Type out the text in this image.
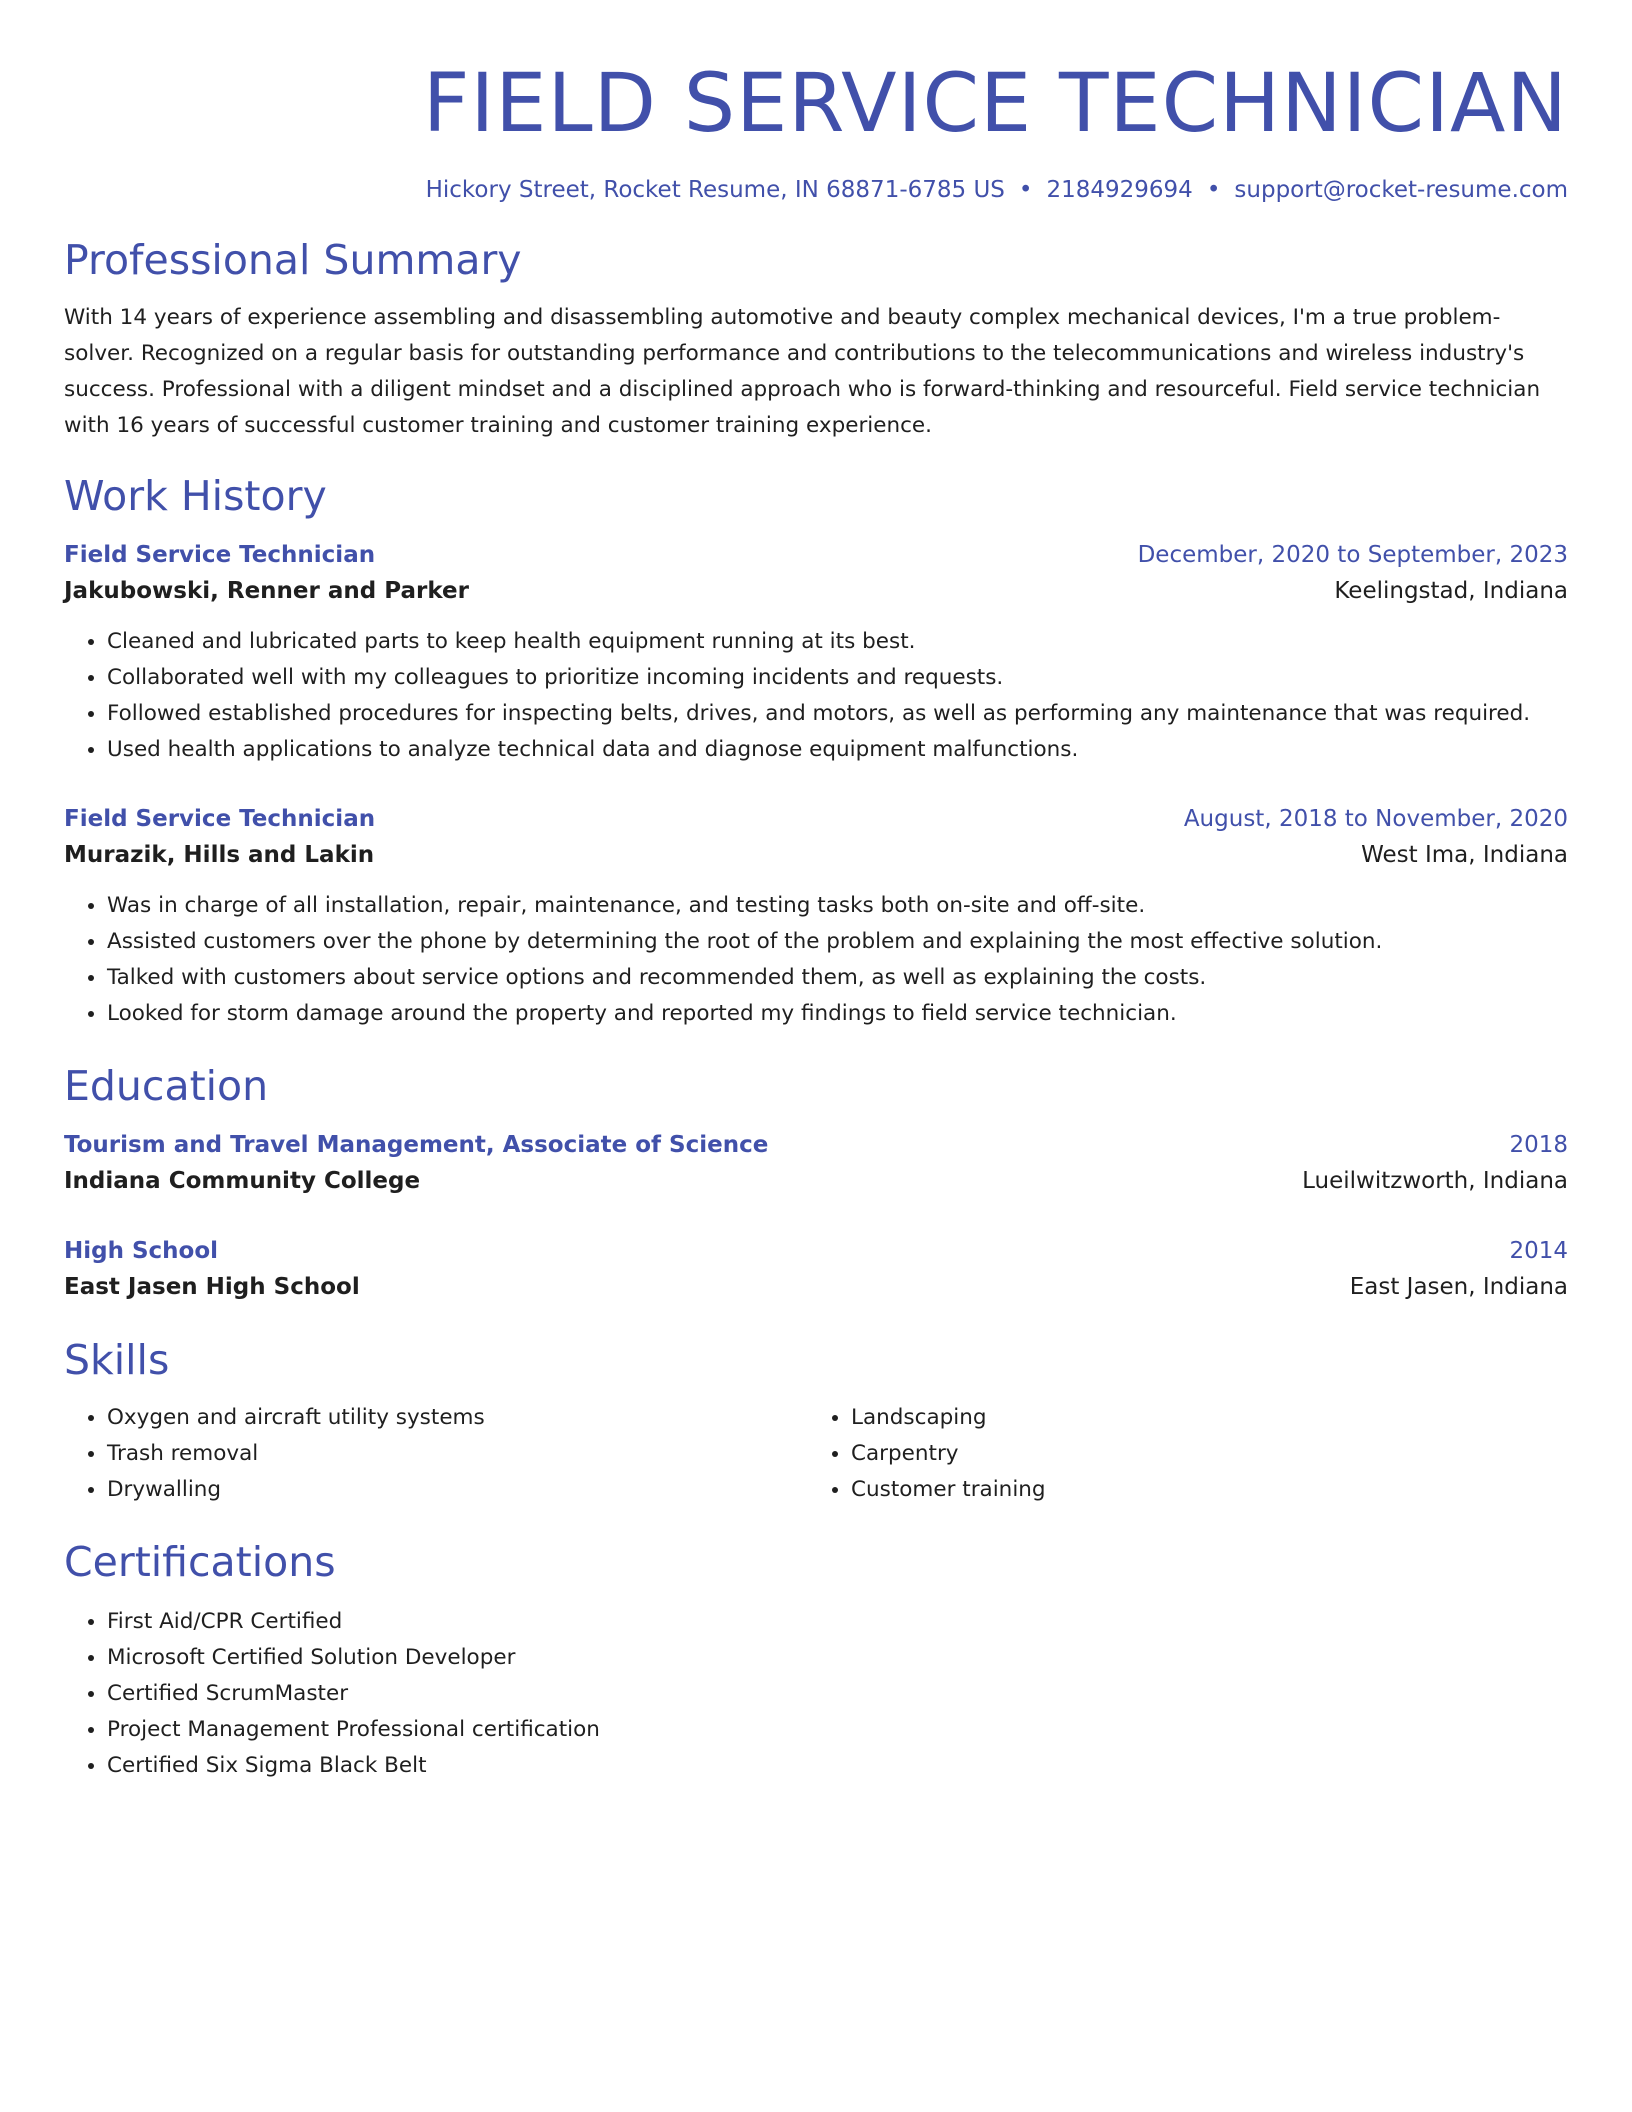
FIELD SERVICE TECHNICIAN
Hickory Street, Rocket Resume, IN 68871-6785 US • 2184929694 • support@rocket-resume.com
Professional Summary

With 14 years of experience assembling and disassembling automotive and beauty complex mechanical devices, I'm a true problem-solver. Recognized on a regular basis for outstanding performance and contributions to the telecommunications and wireless industry's success. Professional with a diligent mindset and a disciplined approach who is forward-thinking and resourceful. Field service technician with 16 years of successful customer training and customer training experience.

Work History
Field Service Technician	December, 2020 to September, 2023
Jakubowski, Renner and Parker	Keelingstad, Indiana
• Cleaned and lubricated parts to keep health equipment running at its best.
• Collaborated well with my colleagues to prioritize incoming incidents and requests.
• Followed established procedures for inspecting belts, drives, and motors, as well as performing any maintenance that was required.
• Used health applications to analyze technical data and diagnose equipment malfunctions.
Field Service Technician	August, 2018 to November, 2020
Murazik, Hills and Lakin	West Ima, Indiana
• Was in charge of all installation, repair, maintenance, and testing tasks both on-site and off-site.
• Assisted customers over the phone by determining the root of the problem and explaining the most effective solution.
• Talked with customers about service options and recommended them, as well as explaining the costs.
• Looked for storm damage around the property and reported my findings to field service technician.
Education
Tourism and Travel Management, Associate of Science	2018
Indiana Community College	Lueilwitzworth, Indiana
High School	2014
East Jasen High School	East Jasen, Indiana
Skills
• Oxygen and aircraft utility systems
• Trash removal
• Drywalling
• Landscaping
• Carpentry
• Customer training
Certifications
• First Aid/CPR Certified
• Microsoft Certified Solution Developer
• Certified ScrumMaster
• Project Management Professional certification
• Certified Six Sigma Black Belt
